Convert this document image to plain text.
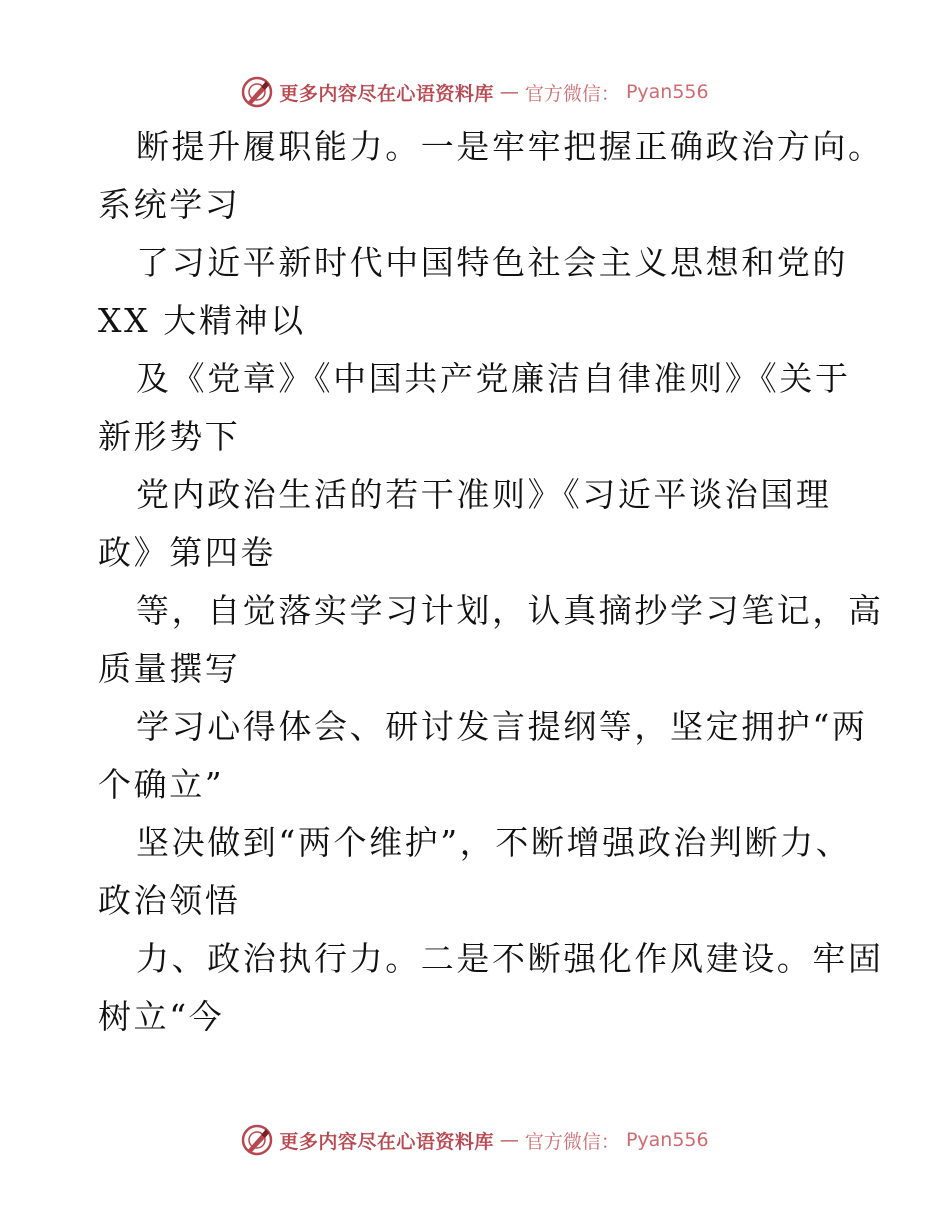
更多内容尽在心语资料库 — 官方微信： Pyan556
断提升履职能力。一是牢牢把握正确政治方向。
系统学习
了习近平新时代中国特色社会主义思想和党的
XX 大精神以
及《党章》《中国共产党廉洁自律准则》《关于
新形势下
党内政治生活的若干准则》《习近平谈治国理
政》第四卷
等，自觉落实学习计划，认真摘抄学习笔记，高
质量撰写
学习心得体会、研讨发言提纲等，坚定拥护“两
个确立”
坚决做到“两个维护”，不断增强政治判断力、
政治领悟
力、政治执行力。二是不断强化作风建设。牢固
树立“今
更多内容尽在心语资料库 — 官方微信： Pyan556
